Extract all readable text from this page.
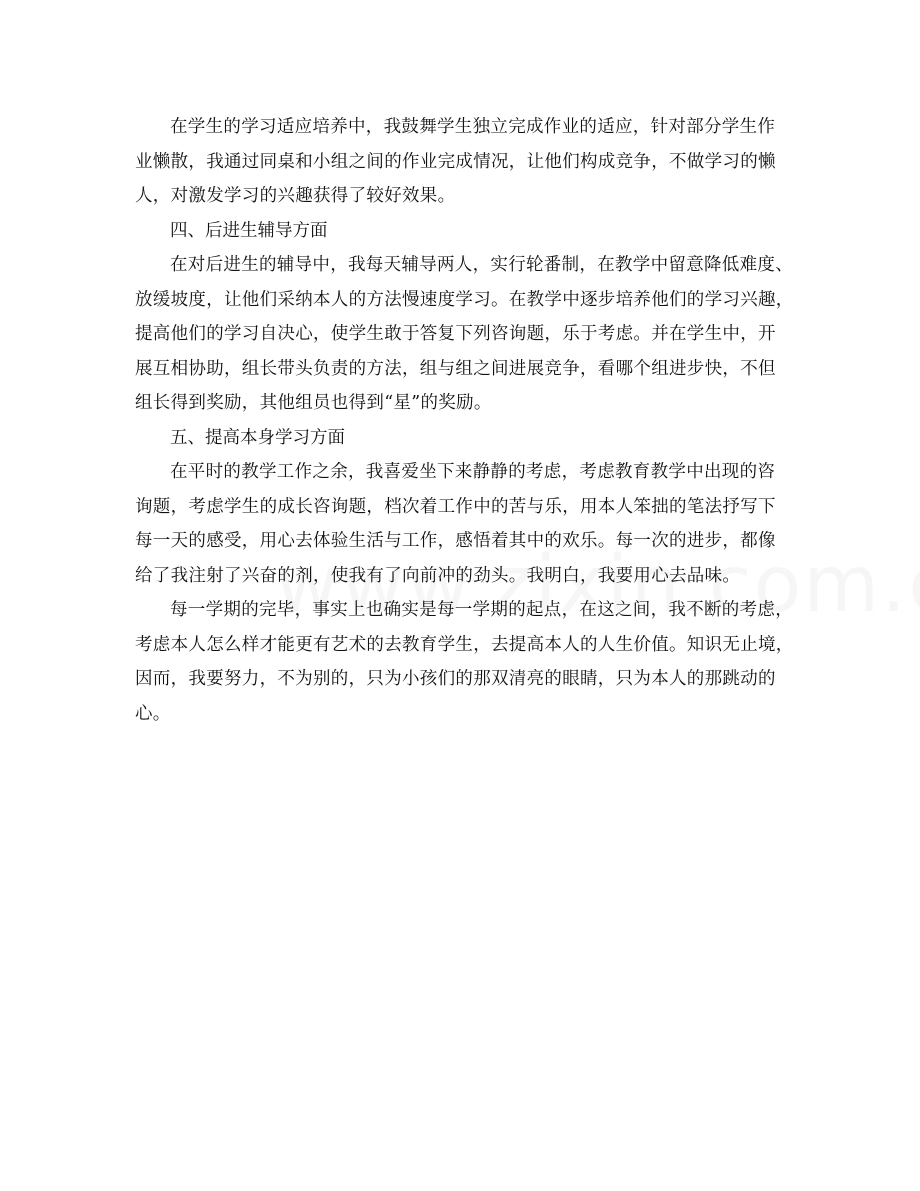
在学生的学习适应培养中，我鼓舞学生独立完成作业的适应，针对部分学生作
业懒散，我通过同桌和小组之间的作业完成情况，让他们构成竞争，不做学习的懒
人，对激发学习的兴趣获得了较好效果。
四、后进生辅导方面
在对后进生的辅导中，我每天辅导两人，实行轮番制，在教学中留意降低难度、
放缓坡度，让他们采纳本人的方法慢速度学习。在教学中逐步培养他们的学习兴趣，
提高他们的学习自决心，使学生敢于答复下列咨询题，乐于考虑。并在学生中，开
展互相协助，组长带头负责的方法，组与组之间进展竞争，看哪个组进步快，不但
组长得到奖励，其他组员也得到“星”的奖励。
五、提高本身学习方面
在平时的教学工作之余，我喜爱坐下来静静的考虑，考虑教育教学中出现的咨
询题，考虑学生的成长咨询题，档次着工作中的苦与乐，用本人笨拙的笔法抒写下
每一天的感受，用心去体验生活与工作，感悟着其中的欢乐。每一次的进步，都像
给了我注射了兴奋的剂，使我有了向前冲的劲头。我明白，我要用心去品味。
每一学期的完毕，事实上也确实是每一学期的起点，在这之间，我不断的考虑，
考虑本人怎么样才能更有艺术的去教育学生，去提高本人的人生价值。知识无止境，
因而，我要努力，不为别的，只为小孩们的那双清亮的眼睛，只为本人的那跳动的
心。
